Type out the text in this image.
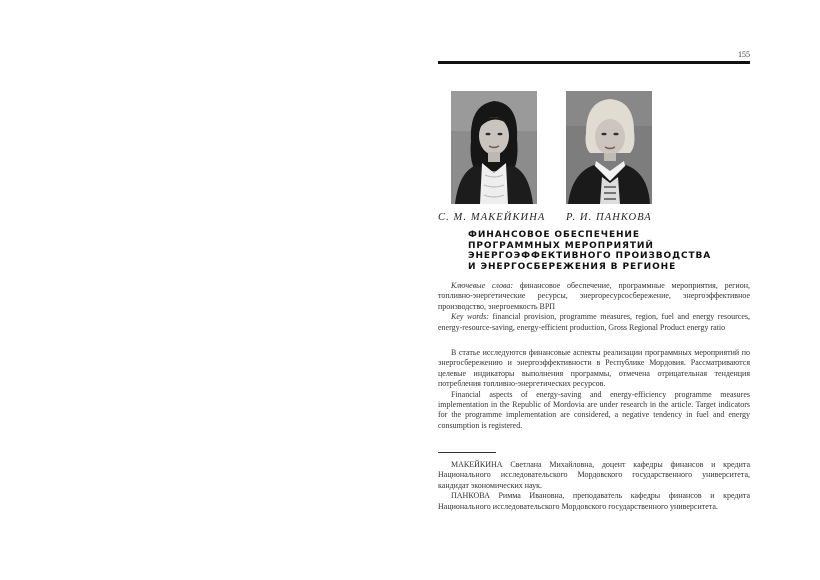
155
С. М. МАКЕЙКИНА Р. И. ПАНКОВА
ФИНАНСОВОЕ ОБЕСПЕЧЕНИЕ
ПРОГРАММНЫХ МЕРОПРИЯТИЙ
ЭНЕРГОЭФФЕКТИВНОГО ПРОИЗВОДСТВА
И ЭНЕРГОСБЕРЕЖЕНИЯ В РЕГИОНЕ

Ключевые слова: финансовое обеспечение, программные мероприятия, регион, топливно-энергетические ресурсы, энергоресурсосбережение, энергоэффективное производство, энергоемкость ВРП

Key words: financial provision, programme measures, region, fuel and energy resources, energy-resource-saving, energy-efficient production, Gross Regional Product energy ratio

В статье исследуются финансовые аспекты реализации программных мероприятий по энергосбережению и энергоэффективности в Республике Мордовия. Рассматриваются целевые индикаторы выполнения программы, отмечена отрицательная тенденция потребления топливно-энергетических ресурсов.

Financial aspects of energy-saving and energy-efficiency programme measures implementation in the Republic of Mordovia are under research in the article. Target indicators for the programme implementation are considered, a negative tendency in fuel and energy consumption is registered.

МАКЕЙКИНА Светлана Михайловна, доцент кафедры финансов и кредита Национального исследовательского Мордовского государственного университета, кандидат экономических наук.

ПАНКОВА Римма Ивановна, преподаватель кафедры финансов и кредита Национального исследовательского Мордовского государственного университета.
